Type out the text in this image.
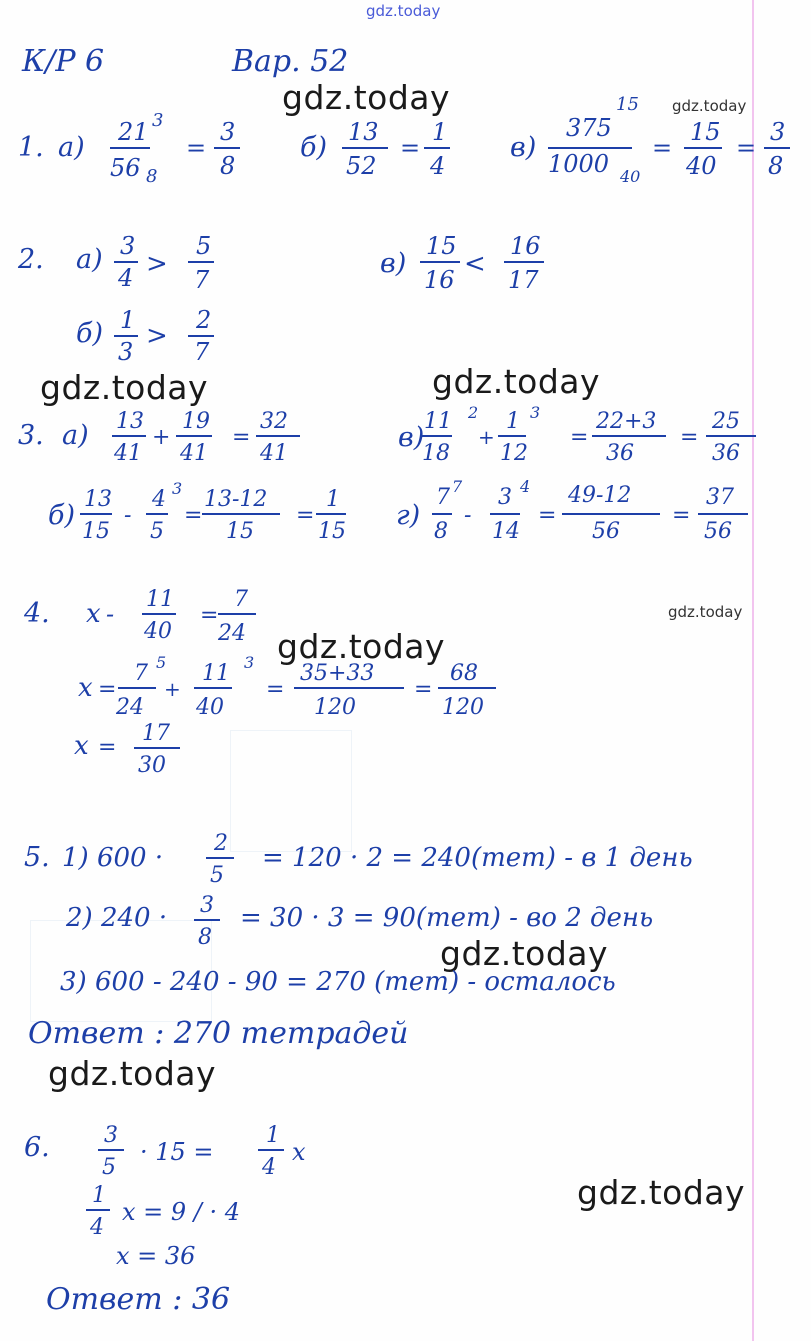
gdz.today
gdz.today	gdz.today
gdz.today	gdz.today
gdz.today
gdz.today
gdz.today
gdz.today
gdz.today
К/Р 6	Вар. 52
1. а) 21 3
56 8
=
3
8
б) 13
52
=
1
4
в)
15
375
1000 40
=
15
40
=
3
8
2. а) 3
4 >
5
7
б) 1
3
>
2
7
в)
15
16
<
16
17
3. а) 13
41
+
19
41
=
32
41
в)
11 2
18
+
1 3
12
=
22+3
36
=
25
36
б)
13
15
-
4 3
5
=
13-12
15
=
1
15
г)
7 7
8
-
3 4
14
=
49-12
56
=
37
56
4. x -
11
40
=
7
24
x =
7 5
24
+
11 3
40
=
35+33
120
=
68
120
x =
17
30
5. 1) 600 · 2
5
= 120 · 2 = 240(тет) - в 1 день
2) 240 · 3
8
= 30 · 3 = 90(тет) - во 2 день
3) 600 - 240 - 90 = 270 (тет) - осталось
Ответ : 270 тетрадей
6. 3
5
· 15 =
1
4
x
1
4
x = 9 / · 4
x = 36
Ответ : 36
